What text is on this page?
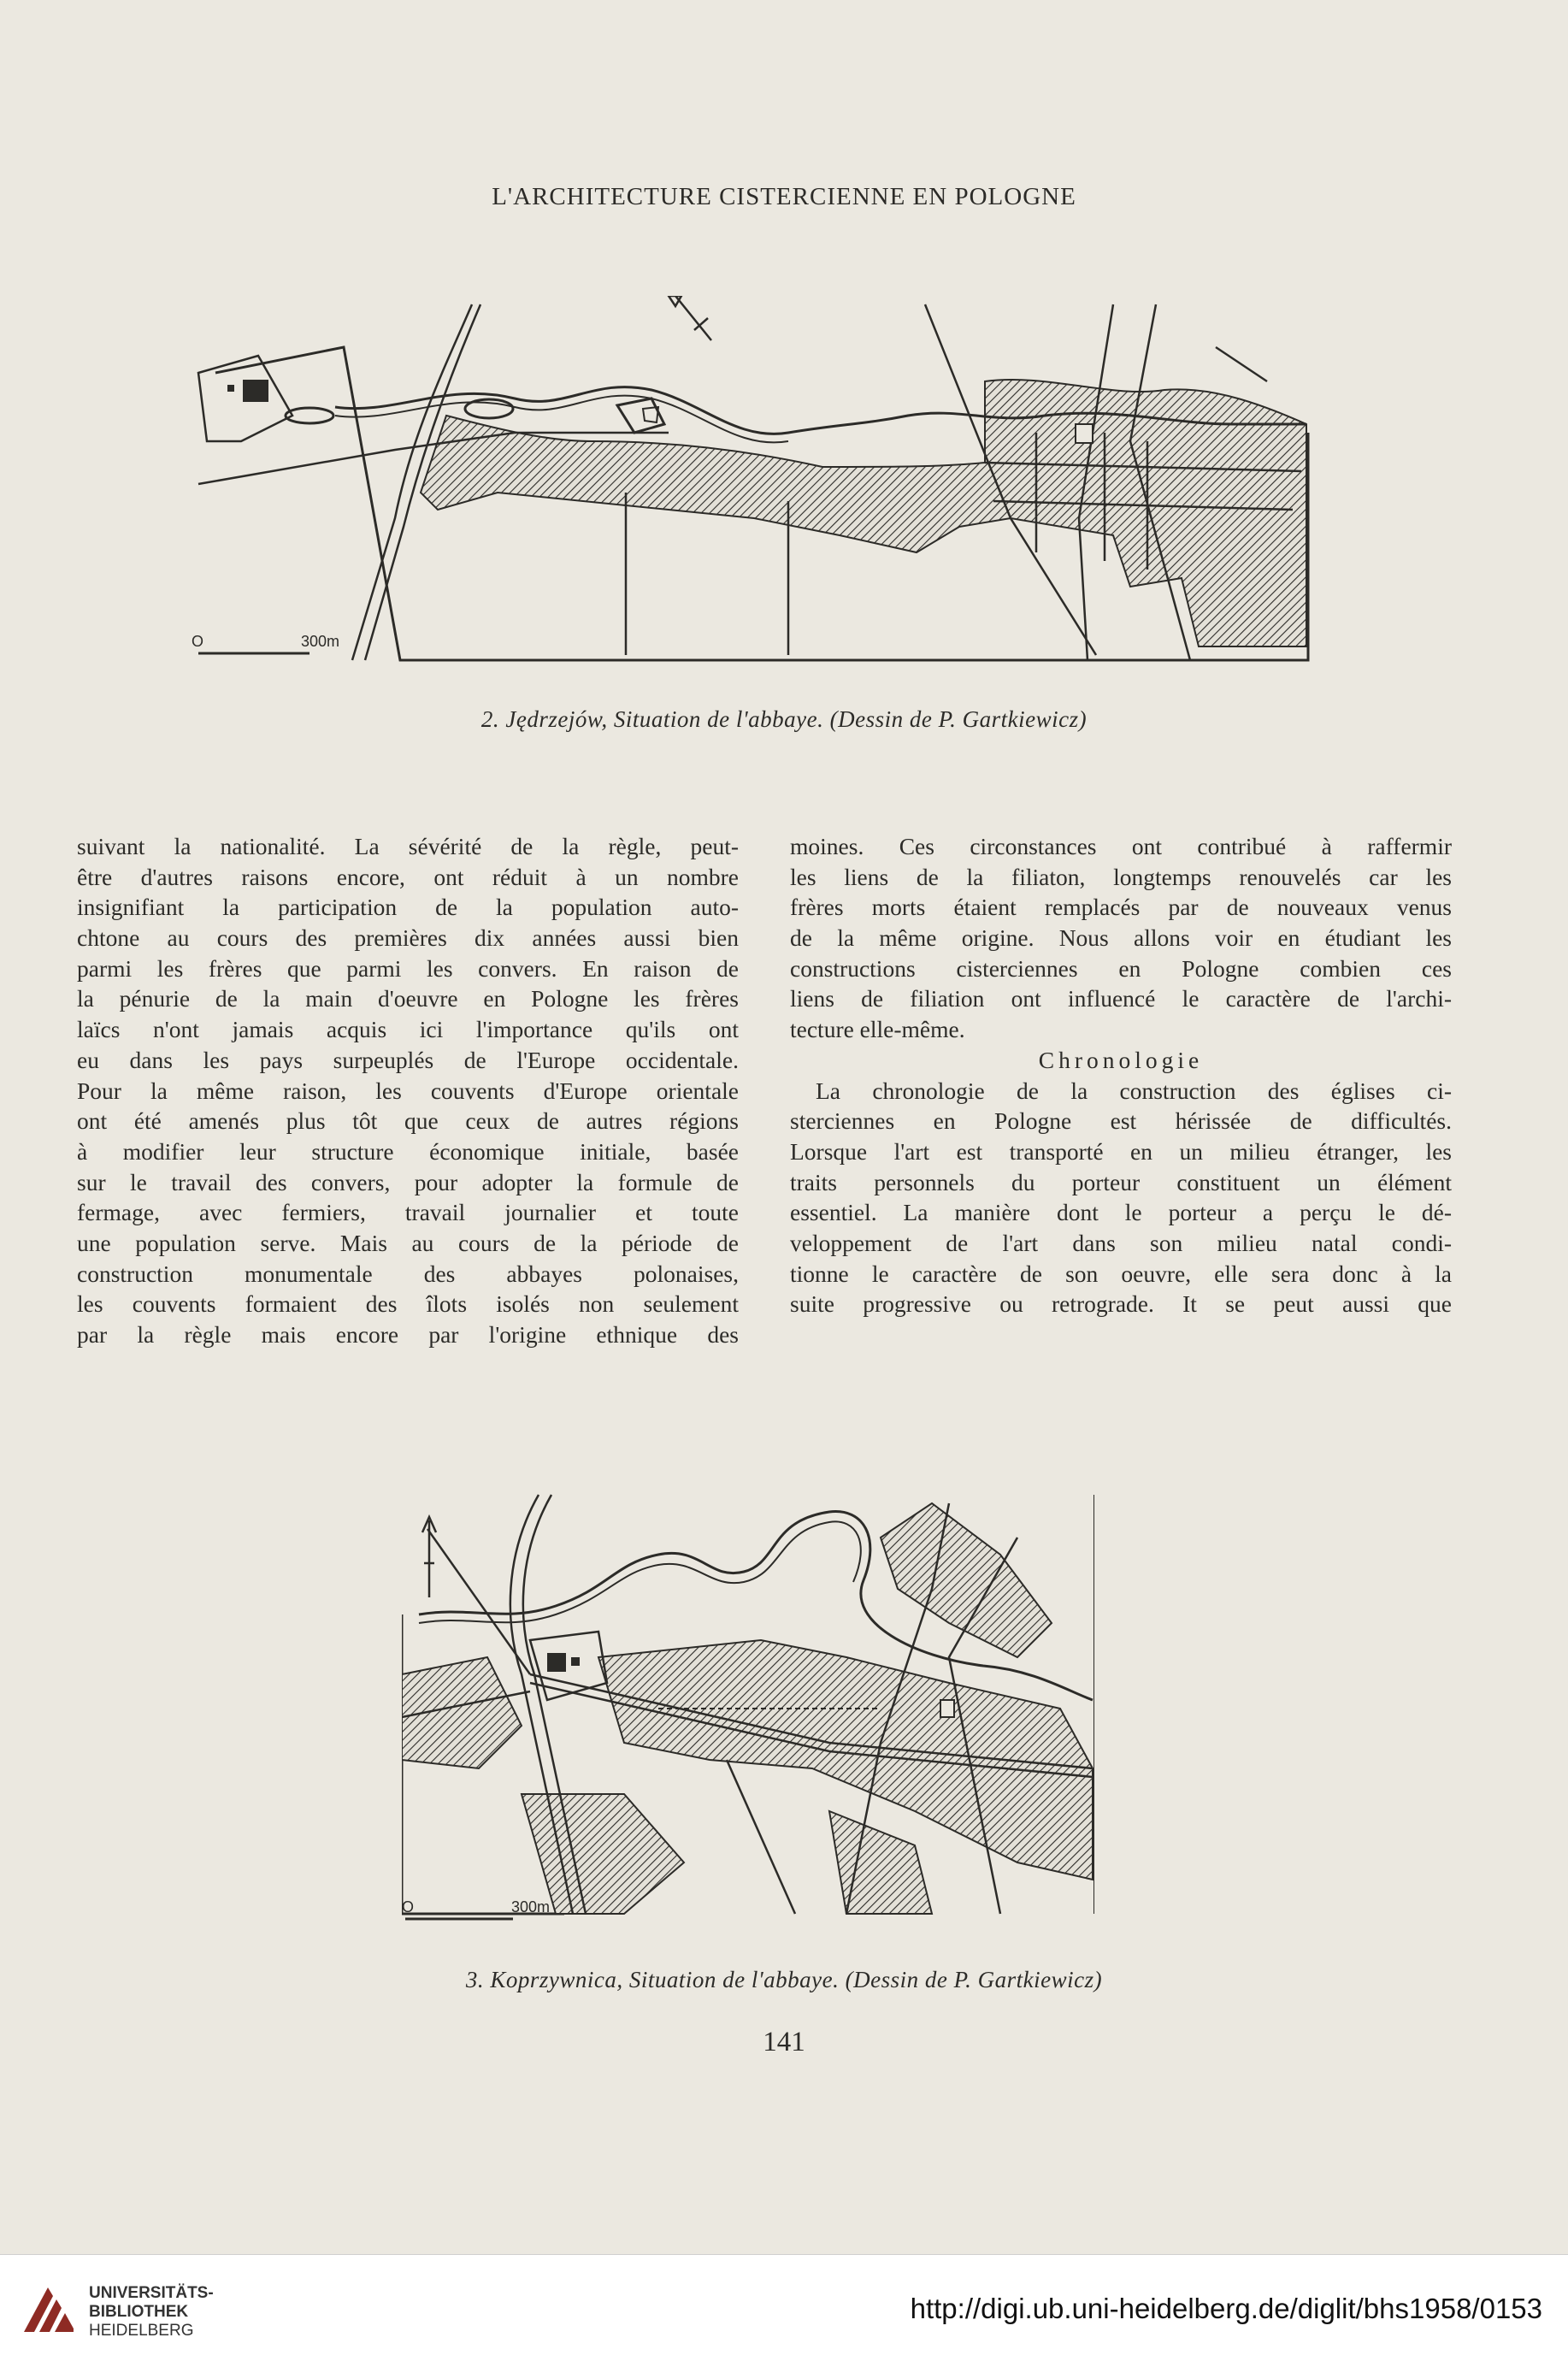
L'ARCHITECTURE CISTERCIENNE EN POLOGNE
O	300m
2. Jędrzejów, Situation de l'abbaye. (Dessin de P. Gartkiewicz)
suivant la nationalité. La sévérité de la règle, peut-
être d'autres raisons encore, ont réduit à un nombre
insignifiant la participation de la population auto-
chtone au cours des premières dix années aussi bien
parmi les frères que parmi les convers. En raison de
la pénurie de la main d'oeuvre en Pologne les frères
laïcs n'ont jamais acquis ici l'importance qu'ils ont
eu dans les pays surpeuplés de l'Europe occidentale.
Pour la même raison, les couvents d'Europe orientale
ont été amenés plus tôt que ceux de autres régions
à modifier leur structure économique initiale, basée
sur le travail des convers, pour adopter la formule de
fermage, avec fermiers, travail journalier et toute
une population serve. Mais au cours de la période de
construction monumentale des abbayes polonaises,
les couvents formaient des îlots isolés non seulement
par la règle mais encore par l'origine ethnique des
moines. Ces circonstances ont contribué à raffermir
les liens de la filiaton, longtemps renouvelés car les
frères morts étaient remplacés par de nouveaux venus
de la même origine. Nous allons voir en étudiant les
constructions cisterciennes en Pologne combien ces
liens de filiation ont influencé le caractère de l'archi-
tecture elle-même.
Chronologie
La chronologie de la construction des églises ci-
sterciennes en Pologne est hérissée de difficultés.
Lorsque l'art est transporté en un milieu étranger, les
traits personnels du porteur constituent un élément
essentiel. La manière dont le porteur a perçu le dé-
veloppement de l'art dans son milieu natal condi-
tionne le caractère de son oeuvre, elle sera donc à la
suite progressive ou retrograde. It se peut aussi que
O	300m
3. Koprzywnica, Situation de l'abbaye. (Dessin de P. Gartkiewicz)
141
UNIVERSITÄTS-
BIBLIOTHEK
HEIDELBERG
http://digi.ub.uni-heidelberg.de/diglit/bhs1958/0153
